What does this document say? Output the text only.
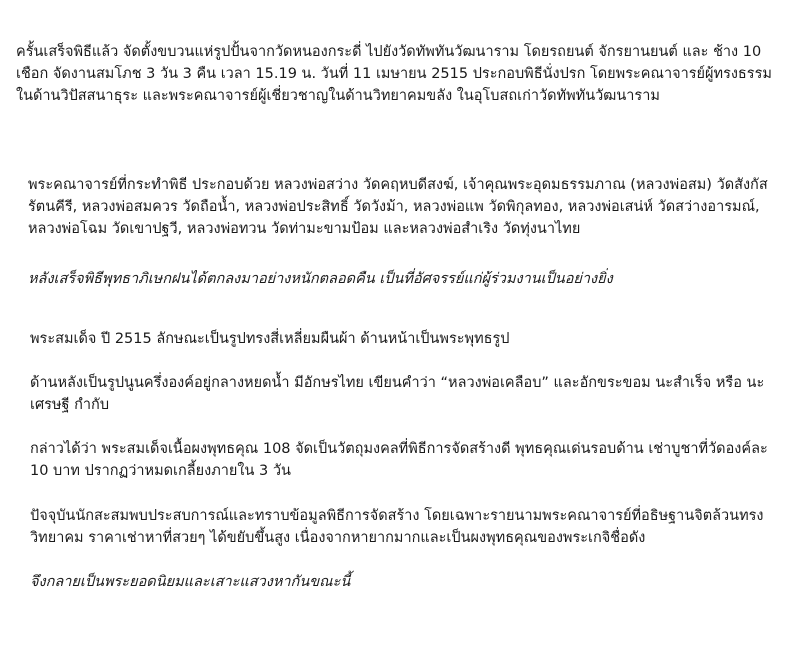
ครั้นเสร็จพิธีแล้ว จัดตั้งขบวนแห่รูปปั้นจากวัดหนองกระดี่ ไปยังวัดทัพทันวัฒนาราม โดยรถยนต์ จักรยานยนต์ และ ช้าง 10 เชือก จัดงานสมโภช 3 วัน 3 คืน เวลา 15.19 น. วันที่ 11 เมษายน 2515 ประกอบพิธีนั่งปรก โดยพระคณาจารย์ผู้ทรงธรรมในด้านวิปัสสนาธุระ และพระคณาจารย์ผู้เชี่ยวชาญในด้านวิทยาคมขลัง ในอุโบสถเก่าวัดทัพทันวัฒนาราม

พระคณาจารย์ที่กระทำพิธี ประกอบด้วย หลวงพ่อสว่าง วัดคฤหบดีสงฆ์, เจ้าคุณพระอุดมธรรมภาณ (หลวงพ่อสม) วัดสังกัสรัตนคีรี, หลวงพ่อสมควร วัดถือน้ำ, หลวงพ่อประสิทธิ์ วัดวังม้า, หลวงพ่อแพ วัดพิกุลทอง, หลวงพ่อเสน่ห์ วัดสว่างอารมณ์, หลวงพ่อโฉม วัดเขาปฐวี, หลวงพ่อทวน วัดท่ามะขามป้อม และหลวงพ่อสำเริง วัดทุ่งนาไทย

หลังเสร็จพิธีพุทธาภิเษกฝนได้ตกลงมาอย่างหนักตลอดคืน เป็นที่อัศจรรย์แก่ผู้ร่วมงานเป็นอย่างยิ่ง

พระสมเด็จ ปี 2515 ลักษณะเป็นรูปทรงสี่เหลี่ยมผืนผ้า ด้านหน้าเป็นพระพุทธรูป

ด้านหลังเป็นรูปนูนครึ่งองค์อยู่กลางหยดน้ำ มีอักษรไทย เขียนคำว่า “หลวงพ่อเคลือบ” และอักขระขอม นะสำเร็จ หรือ นะเศรษฐี กำกับ

กล่าวได้ว่า พระสมเด็จเนื้อผงพุทธคุณ 108 จัดเป็นวัตถุมงคลที่พิธีการจัดสร้างดี พุทธคุณเด่นรอบด้าน เช่าบูชาที่วัดองค์ละ 10 บาท ปรากฏว่าหมดเกลี้ยงภายใน 3 วัน

ปัจจุบันนักสะสมพบประสบการณ์และทราบข้อมูลพิธีการจัดสร้าง โดยเฉพาะรายนามพระคณาจารย์ที่อธิษฐานจิตล้วนทรงวิทยาคม ราคาเช่าหาที่สวยๆ ได้ขยับขึ้นสูง เนื่องจากหายากมากและเป็นผงพุทธคุณของพระเกจิชื่อดัง

จึงกลายเป็นพระยอดนิยมและเสาะแสวงหากันขณะนี้
